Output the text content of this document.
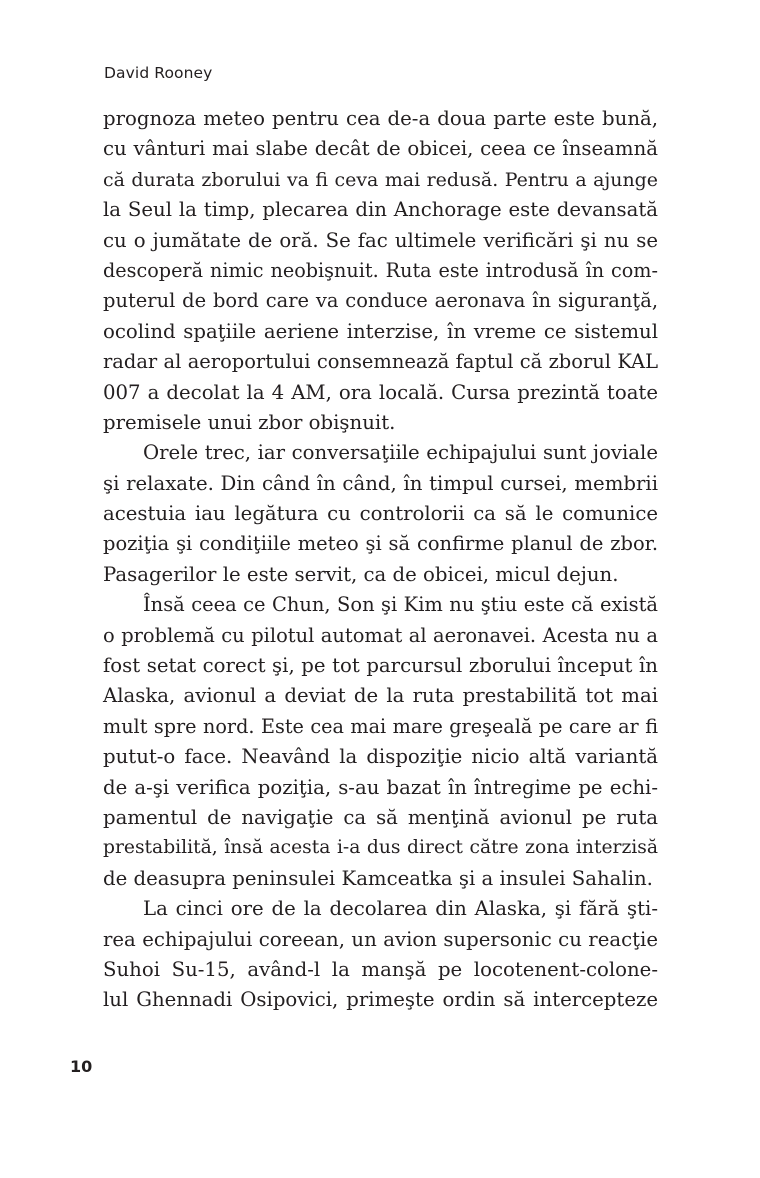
David Rooney
prognoza meteo pentru cea de-a doua parte este bună,
cu vânturi mai slabe decât de obicei, ceea ce înseamnă
că durata zborului va fi ceva mai redusă. Pentru a ajunge
la Seul la timp, plecarea din Anchorage este devansată
cu o jumătate de oră. Se fac ultimele verificări şi nu se
descoperă nimic neobişnuit. Ruta este introdusă în com-
puterul de bord care va conduce aeronava în siguranţă,
ocolind spaţiile aeriene interzise, în vreme ce sistemul
radar al aeroportului consemnează faptul că zborul KAL
007 a decolat la 4 AM, ora locală. Cursa prezintă toate
premisele unui zbor obişnuit.
Orele trec, iar conversaţiile echipajului sunt joviale
şi relaxate. Din când în când, în timpul cursei, membrii
acestuia iau legătura cu controlorii ca să le comunice
poziţia şi condiţiile meteo şi să confirme planul de zbor.
Pasagerilor le este servit, ca de obicei, micul dejun.
Însă ceea ce Chun, Son şi Kim nu ştiu este că există
o problemă cu pilotul automat al aeronavei. Acesta nu a
fost setat corect şi, pe tot parcursul zborului început în
Alaska, avionul a deviat de la ruta prestabilită tot mai
mult spre nord. Este cea mai mare greşeală pe care ar fi
putut-o face. Neavând la dispoziţie nicio altă variantă
de a-şi verifica poziţia, s-au bazat în întregime pe echi-
pamentul de navigaţie ca să menţină avionul pe ruta
prestabilită, însă acesta i-a dus direct către zona interzisă
de deasupra peninsulei Kamceatka şi a insulei Sahalin.
La cinci ore de la decolarea din Alaska, şi fără şti-
rea echipajului coreean, un avion supersonic cu reacţie
Suhoi Su-15, având-l la manşă pe locotenent-colone-
lul Ghennadi Osipovici, primeşte ordin să intercepteze
10
